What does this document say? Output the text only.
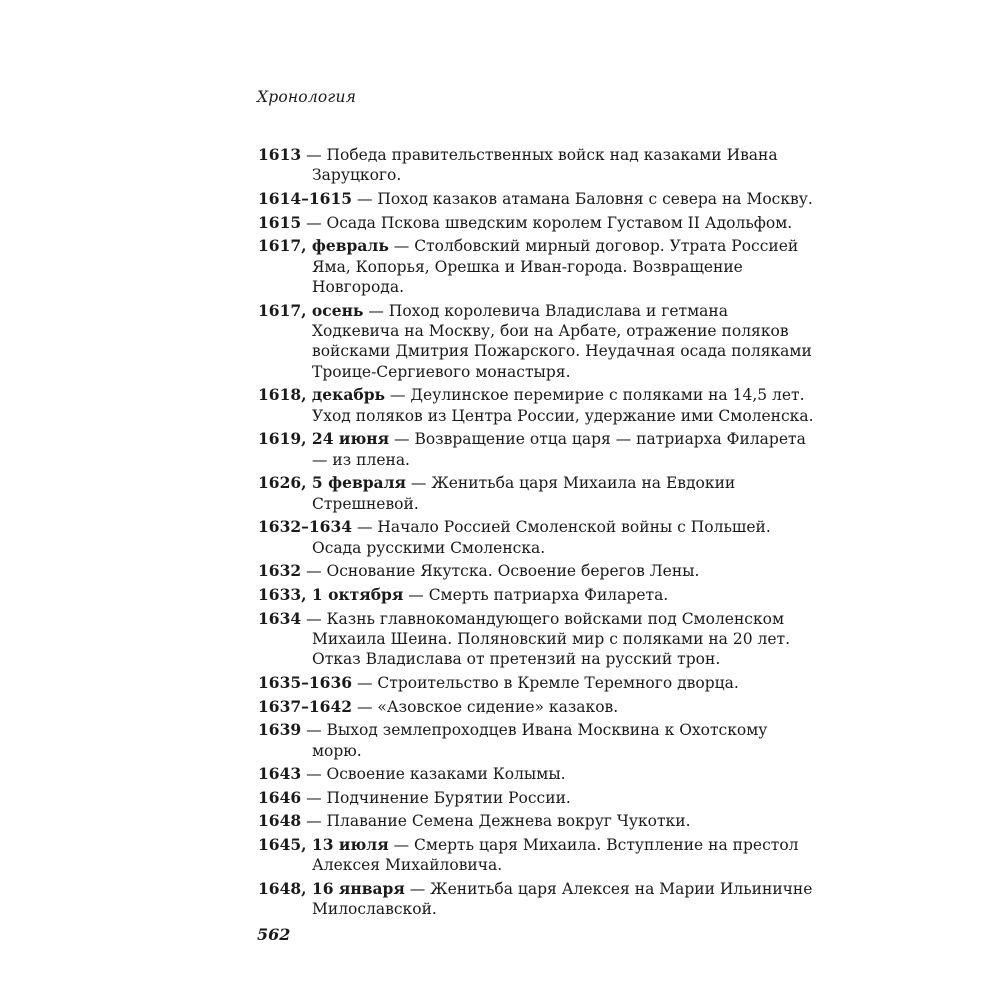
Хронология

1613 — Победа правительственных войск над казаками Ивана Заруцкого.

1614–1615 — Поход казаков атамана Баловня с севера на Москву.

1615 — Осада Пскова шведским королем Густавом II Адольфом.

1617, февраль — Столбовский мирный договор. Утрата Россией Яма, Копорья, Орешка и Иван-города. Возвращение Новгорода.

1617, осень — Поход королевича Владислава и гетмана Ходкевича на Москву, бои на Арбате, отражение поляков войсками Дмитрия Пожарского. Неудачная осада поляками Троице-Сергиевого монастыря.

1618, декабрь — Деулинское перемирие с поляками на 14,5 лет. Уход поляков из Центра России, удержание ими Смоленска.

1619, 24 июня — Возвращение отца царя — патриарха Филарета — из плена.

1626, 5 февраля — Женитьба царя Михаила на Евдокии Стрешневой.

1632–1634 — Начало Россией Смоленской войны с Польшей. Осада русскими Смоленска.

1632 — Основание Якутска. Освоение берегов Лены.

1633, 1 октября — Смерть патриарха Филарета.

1634 — Казнь главнокомандующего войсками под Смоленском Михаила Шеина. Поляновский мир с поляками на 20 лет. Отказ Владислава от претензий на русский трон.

1635–1636 — Строительство в Кремле Теремного дворца.

1637–1642 — «Азовское сидение» казаков.

1639 — Выход землепроходцев Ивана Москвина к Охотскому морю.

1643 — Освоение казаками Колымы.

1646 — Подчинение Бурятии России.

1648 — Плавание Семена Дежнева вокруг Чукотки.

1645, 13 июля — Смерть царя Михаила. Вступление на престол Алексея Михайловича.

1648, 16 января — Женитьба царя Алексея на Марии Ильиничне Милославской.

562
